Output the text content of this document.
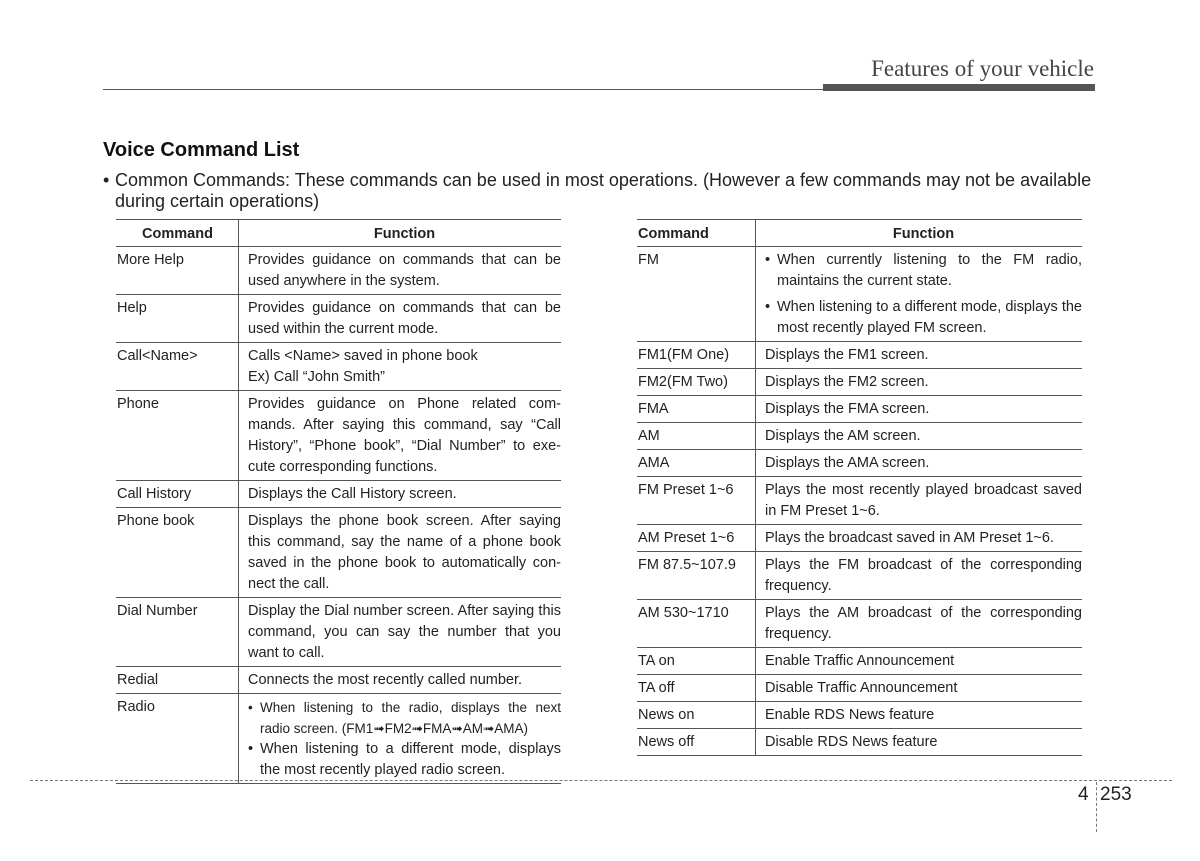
Features of your vehicle
Voice Command List
• Common Commands: These commands can be used in most operations. (However a few commands may not be available during certain operations)
Command	Function
More Help	Provides guidance on commands that can be used anywhere in the system.
Help	Provides guidance on commands that can be used within the current mode.
Call<Name>	Calls <Name> saved in phone book
Ex) Call “John Smith”

Phone	Provides guidance on Phone related com-mands. After saying this command, say “Call History”, “Phone book”, “Dial Number” to exe-cute corresponding functions.
Call History	Displays the Call History screen.
Phone book	Displays the phone book screen. After saying this command, say the name of a phone book saved in the phone book to automatically con-nect the call.
Dial Number	Display the Dial number screen. After saying this command, you can say the number that you want to call.
Redial	Connects the most recently called number.
Radio	• When listening to the radio, displays the next radio screen. (FM1➟FM2➟FMA➟AM➟AMA)
• When listening to a different mode, displays the most recently played radio screen.
Command	Function
FM	• When currently listening to the FM radio, maintains the current state.
• When listening to a different mode, displays the most recently played FM screen.

FM1(FM One)	Displays the FM1 screen.
FM2(FM Two)	Displays the FM2 screen.
FMA	Displays the FMA screen.
AM	Displays the AM screen.
AMA	Displays the AMA screen.
FM Preset 1~6	Plays the most recently played broadcast saved in FM Preset 1~6.
AM Preset 1~6	Plays the broadcast saved in AM Preset 1~6.
FM 87.5~107.9	Plays the FM broadcast of the corresponding frequency.
AM 530~1710	Plays the AM broadcast of the corresponding frequency.
TA on	Enable Traffic Announcement
TA off	Disable Traffic Announcement
News on	Enable RDS News feature
News off	Disable RDS News feature
4 253
